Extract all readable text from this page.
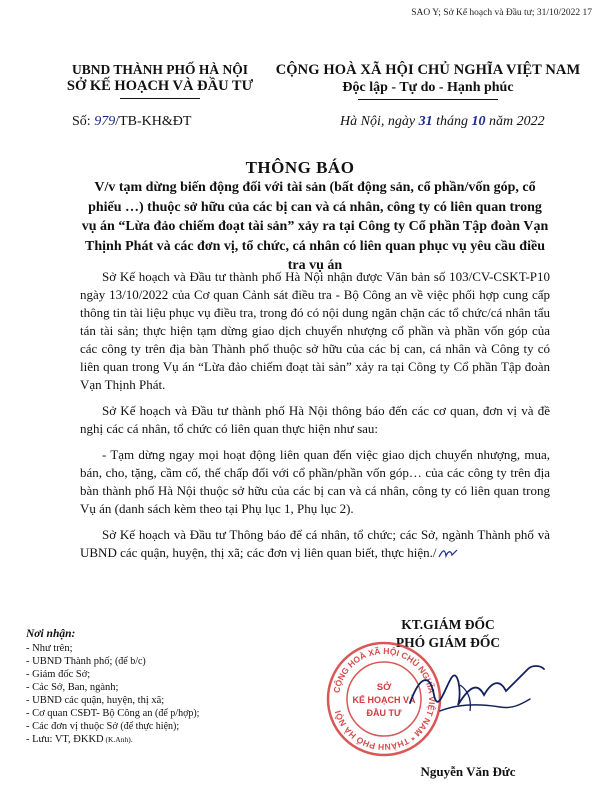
SAO Y; Sở Kế hoạch và Đầu tư; 31/10/2022 17
UBND THÀNH PHỐ HÀ NỘI
SỞ KẾ HOẠCH VÀ ĐẦU TƯ
CỘNG HOÀ XÃ HỘI CHỦ NGHĨA VIỆT NAM
Độc lập - Tự do - Hạnh phúc
Số: 979/TB-KH&ĐT	Hà Nội, ngày 31 tháng 10 năm 2022
THÔNG BÁO
V/v tạm dừng biến động đối với tài sản (bất động sản, cổ phần/vốn góp, cổ phiếu …) thuộc sở hữu của các bị can và cá nhân, công ty có liên quan trong vụ án “Lừa đảo chiếm đoạt tài sản” xảy ra tại Công ty Cổ phần Tập đoàn Vạn Thịnh Phát và các đơn vị, tổ chức, cá nhân có liên quan phục vụ yêu cầu điều tra vụ án

Sở Kế hoạch và Đầu tư thành phố Hà Nội nhận được Văn bản số 103/CV-CSKT-P10 ngày 13/10/2022 của Cơ quan Cảnh sát điều tra - Bộ Công an về việc phối hợp cung cấp thông tin tài liệu phục vụ điều tra, trong đó có nội dung ngăn chặn các tổ chức/cá nhân tẩu tán tài sản; thực hiện tạm dừng giao dịch chuyển nhượng cổ phần và phần vốn góp của các công ty trên địa bàn Thành phố thuộc sở hữu của các bị can, cá nhân và Công ty có liên quan trong Vụ án “Lừa đảo chiếm đoạt tài sản” xảy ra tại Công ty Cổ phần Tập đoàn Vạn Thịnh Phát.

Sở Kế hoạch và Đầu tư thành phố Hà Nội thông báo đến các cơ quan, đơn vị và đề nghị các cá nhân, tổ chức có liên quan thực hiện như sau:

- Tạm dừng ngay mọi hoạt động liên quan đến việc giao dịch chuyển nhượng, mua, bán, cho, tặng, cầm cố, thế chấp đối với cổ phần/phần vốn góp… của các công ty trên địa bàn thành phố Hà Nội thuộc sở hữu của các bị can và cá nhân, công ty có liên quan trong Vụ án (danh sách kèm theo tại Phụ lục 1, Phụ lục 2).

Sở Kế hoạch và Đầu tư Thông báo để cá nhân, tổ chức; các Sở, ngành Thành phố và UBND các quận, huyện, thị xã; các đơn vị liên quan biết, thực hiện./

Nơi nhận:
- Như trên;
- UBND Thành phố; (để b/c)
- Giám đốc Sở;
- Các Sở, Ban, ngành;
- UBND các quận, huyện, thị xã;
- Cơ quan CSĐT- Bộ Công an (để p/hợp);
- Các đơn vị thuộc Sở (để thực hiện);
- Lưu: VT, ĐKKD (K.Anh).
KT.GIÁM ĐỐC
PHÓ GIÁM ĐỐC
CỘNG HOÀ XÃ HỘI CHỦ NGHĨA VIỆT NAM * THÀNH PHỐ HÀ NỘI
SỞ
KẾ HOẠCH VÀ
ĐẦU TƯ
Nguyễn Văn Đức
